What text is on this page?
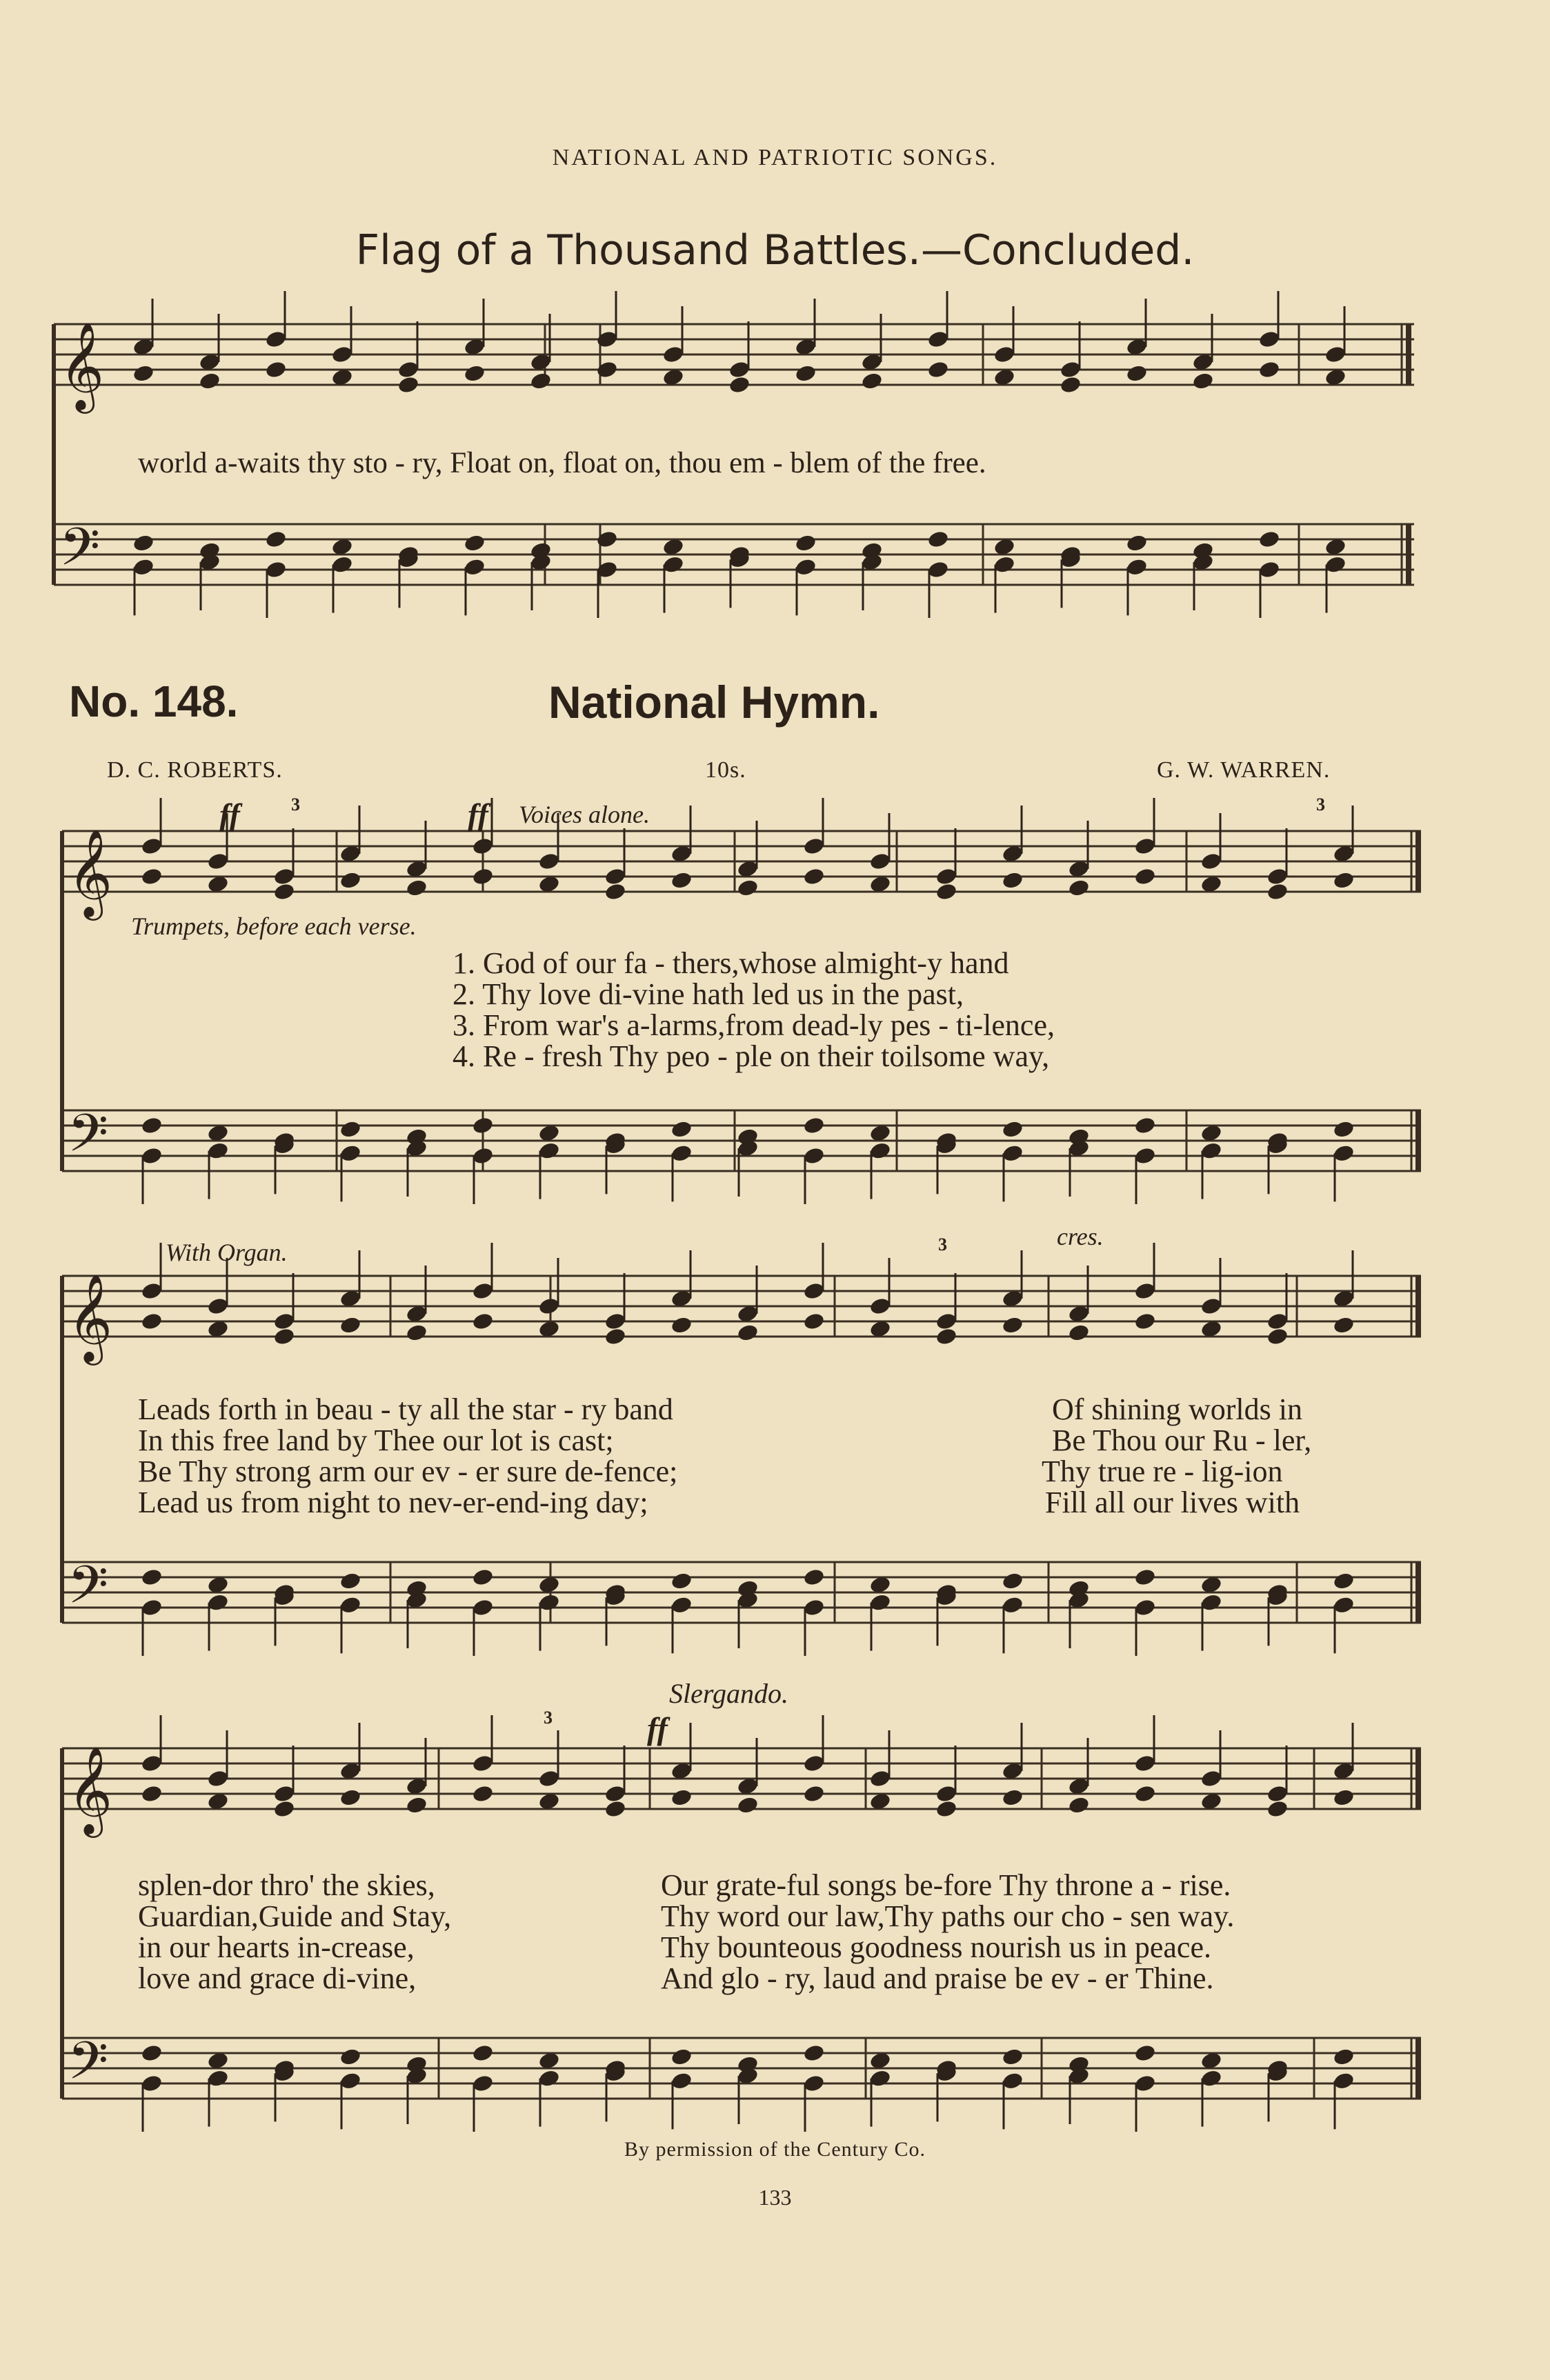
𝄞
𝄢
𝄞
𝄢
𝄞
𝄢
𝄞
𝄢
NATIONAL AND PATRIOTIC SONGS.
Flag of a Thousand Battles.—Concluded.
world a-waits thy sto - ry, Float on, float on, thou em - blem of the free.
No. 148.	National Hymn.
D. C. ROBERTS.	10s.	G. W. WARREN.
ff	ff Voices alone.
Trumpets, before each verse.
With Organ.
cres.
Slergando.
ff
3	3
3
3
1. God of our fa - thers,whose almight-y hand
2. Thy love di-vine hath led us in the past,
3. From war's a-larms,from dead-ly pes - ti-lence,
4. Re - fresh Thy peo - ple on their toilsome way,
Leads forth in beau - ty all the star - ry band
In this free land by Thee our lot is cast;
Be Thy strong arm our ev - er sure de-fence;
Lead us from night to nev-er-end-ing day;
Of shining worlds in
Be Thou our Ru - ler,
Thy true re - lig-ion
Fill all our lives with
splen-dor thro' the skies,
Guardian,Guide and Stay,
in our hearts in-crease,
love and grace di-vine,
Our grate-ful songs be-fore Thy throne a - rise.
Thy word our law,Thy paths our cho - sen way.
Thy bounteous goodness nourish us in peace.
And glo - ry, laud and praise be ev - er Thine.
By permission of the Century Co.
133
